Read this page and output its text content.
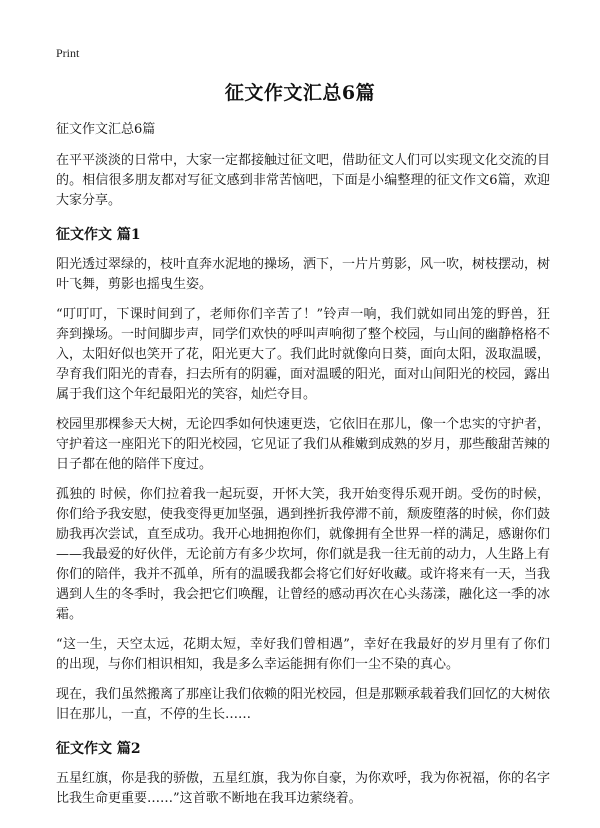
Print
征文作文汇总6篇
征文作文汇总6篇

在平平淡淡的日常中，大家一定都接触过征文吧，借助征文人们可以实现文化交流的目的。相信很多朋友都对写征文感到非常苦恼吧，下面是小编整理的征文作文6篇，欢迎大家分享。

征文作文 篇1

阳光透过翠绿的，枝叶直奔水泥地的操场，洒下，一片片剪影，风一吹，树枝摆动，树叶飞舞，剪影也摇曳生姿。

“叮叮叮，下课时间到了，老师你们辛苦了！”铃声一响，我们就如同出笼的野兽，狂奔到操场。一时间脚步声，同学们欢快的呼叫声响彻了整个校园，与山间的幽静格格不入，太阳好似也笑开了花，阳光更大了。我们此时就像向日葵，面向太阳，汲取温暖，孕育我们阳光的青春，扫去所有的阴霾，面对温暖的阳光，面对山间阳光的校园，露出属于我们这个年纪最阳光的笑容，灿烂夺目。

校园里那棵参天大树，无论四季如何快速更迭，它依旧在那儿，像一个忠实的守护者，守护着这一座阳光下的阳光校园，它见证了我们从稚嫩到成熟的岁月，那些酸甜苦辣的日子都在他的陪伴下度过。

孤独的 时候，你们拉着我一起玩耍，开怀大笑，我开始变得乐观开朗。受伤的时候，你们给予我安慰，使我变得更加坚强，遇到挫折我停滞不前，颓废堕落的时候，你们鼓励我再次尝试，直至成功。我开心地拥抱你们，就像拥有全世界一样的满足，感谢你们——我最爱的好伙伴，无论前方有多少坎坷，你们就是我一往无前的动力，人生路上有你们的陪伴，我并不孤单，所有的温暖我都会将它们好好收藏。或许将来有一天，当我遇到人生的冬季时，我会把它们唤醒，让曾经的感动再次在心头荡漾，融化这一季的冰霜。

“这一生，天空太远，花期太短，幸好我们曾相遇”，幸好在我最好的岁月里有了你们的出现，与你们相识相知，我是多么幸运能拥有你们一尘不染的真心。

现在，我们虽然搬离了那座让我们依赖的阳光校园，但是那颗承载着我们回忆的大树依旧在那儿，一直，不停的生长……

征文作文 篇2

五星红旗，你是我的骄傲，五星红旗，我为你自豪，为你欢呼，我为你祝福，你的名字比我生命更重要……”这首歌不断地在我耳边萦绕着。
